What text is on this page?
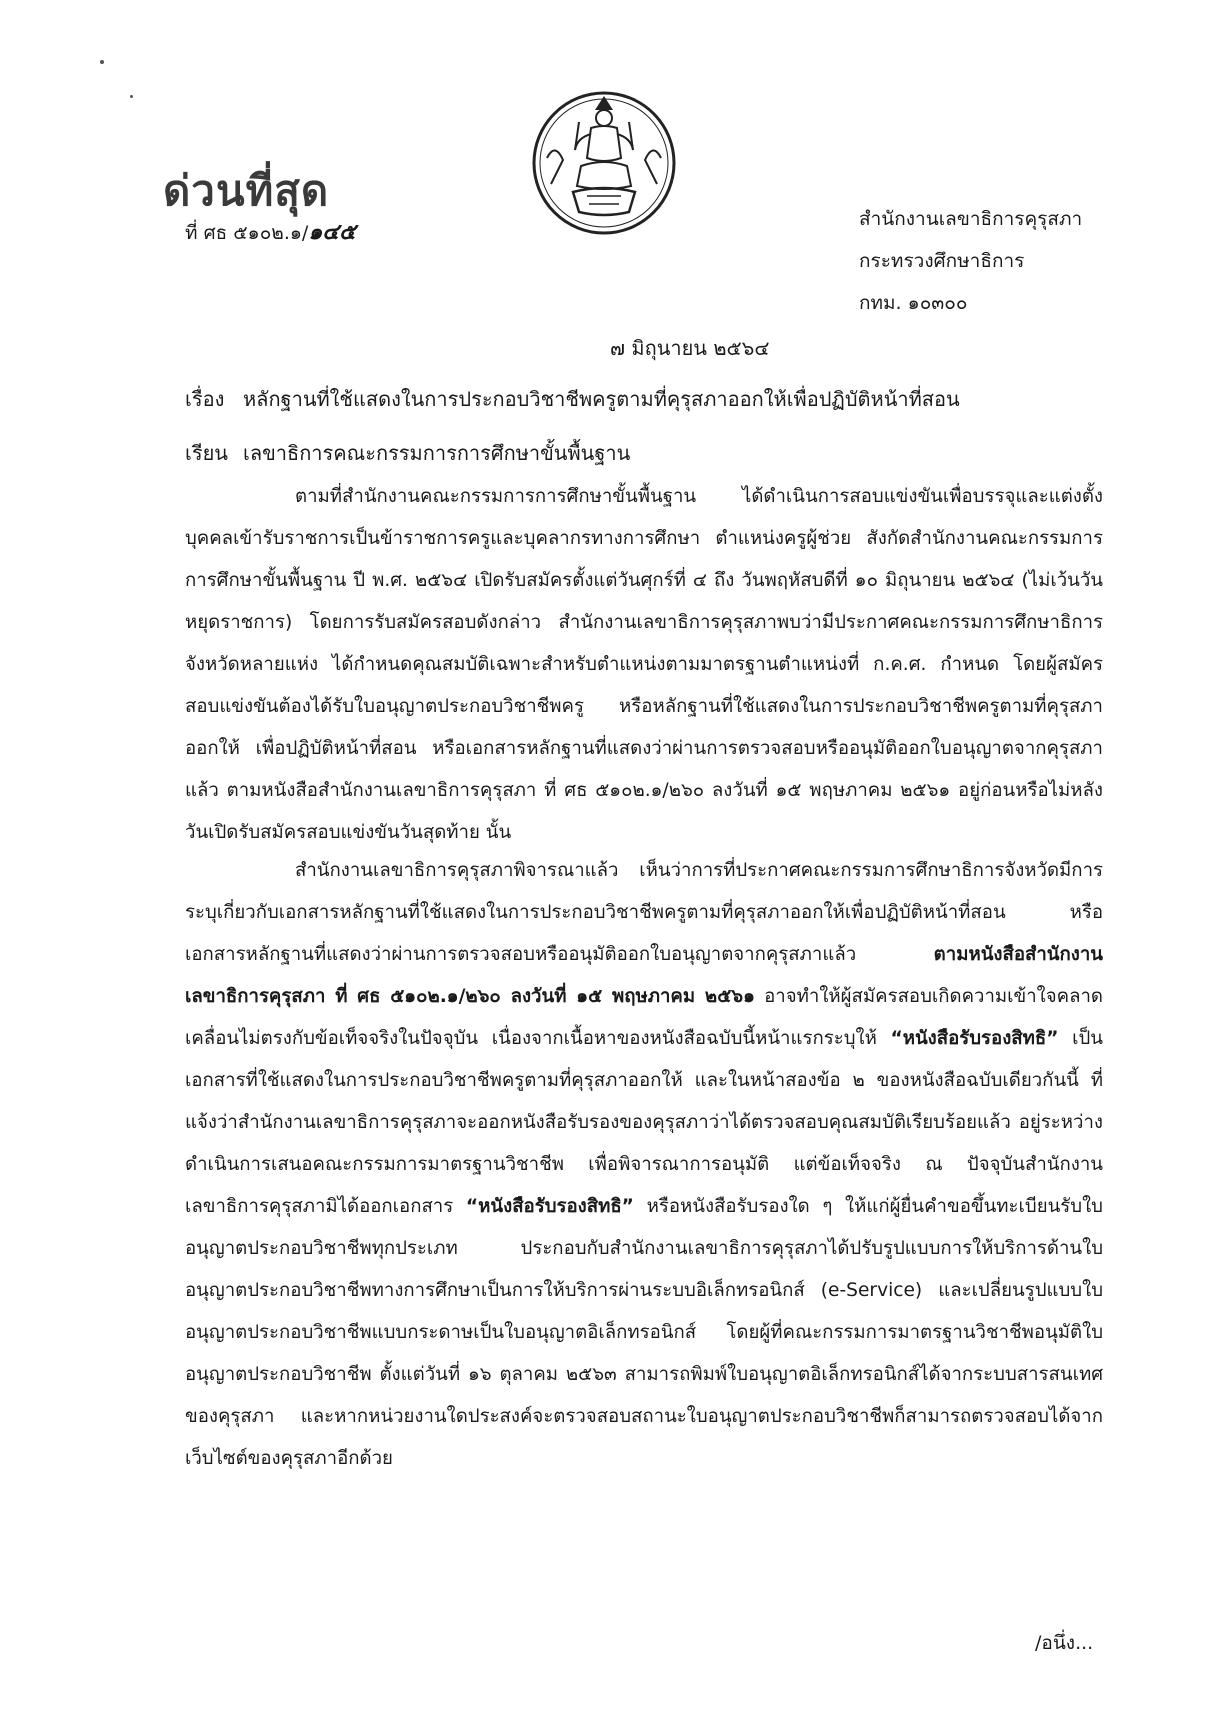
ด่วนที่สุด
ที่ ศธ ๕๑๐๒.๑/๑๔๕	สำนักงานเลขาธิการคุรุสภา
กระทรวงศึกษาธิการ
กทม. ๑๐๓๐๐
๗ มิถุนายน ๒๕๖๔
เรื่อง หลักฐานที่ใช้แสดงในการประกอบวิชาชีพครูตามที่คุรุสภาออกให้เพื่อปฏิบัติหน้าที่สอน
เรียน เลขาธิการคณะกรรมการการศึกษาขั้นพื้นฐาน

ตามที่สำนักงานคณะกรรมการการศึกษาขั้นพื้นฐาน ได้ดำเนินการสอบแข่งขันเพื่อบรรจุและแต่งตั้งบุคคลเข้ารับราชการเป็นข้าราชการครูและบุคลากรทางการศึกษา ตำแหน่งครูผู้ช่วย สังกัดสำนักงานคณะกรรมการการศึกษาขั้นพื้นฐาน ปี พ.ศ. ๒๕๖๔ เปิดรับสมัครตั้งแต่วันศุกร์ที่ ๔ ถึง วันพฤหัสบดีที่ ๑๐ มิถุนายน ๒๕๖๔ (ไม่เว้นวันหยุดราชการ) โดยการรับสมัครสอบดังกล่าว สำนักงานเลขาธิการคุรุสภาพบว่ามีประกาศคณะกรรมการศึกษาธิการจังหวัดหลายแห่ง ได้กำหนดคุณสมบัติเฉพาะสำหรับตำแหน่งตามมาตรฐานตำแหน่งที่ ก.ค.ศ. กำหนด โดยผู้สมัครสอบแข่งขันต้องได้รับใบอนุญาตประกอบวิชาชีพครู หรือหลักฐานที่ใช้แสดงในการประกอบวิชาชีพครูตามที่คุรุสภาออกให้ เพื่อปฏิบัติหน้าที่สอน หรือเอกสารหลักฐานที่แสดงว่าผ่านการตรวจสอบหรืออนุมัติออกใบอนุญาตจากคุรุสภาแล้ว ตามหนังสือสำนักงานเลขาธิการคุรุสภา ที่ ศธ ๕๑๐๒.๑/๒๖๐ ลงวันที่ ๑๕ พฤษภาคม ๒๕๖๑ อยู่ก่อนหรือไม่หลังวันเปิดรับสมัครสอบแข่งขันวันสุดท้าย นั้น

สำนักงานเลขาธิการคุรุสภาพิจารณาแล้ว เห็นว่าการที่ประกาศคณะกรรมการศึกษาธิการจังหวัดมีการระบุเกี่ยวกับเอกสารหลักฐานที่ใช้แสดงในการประกอบวิชาชีพครูตามที่คุรุสภาออกให้เพื่อปฏิบัติหน้าที่สอน หรือเอกสารหลักฐานที่แสดงว่าผ่านการตรวจสอบหรืออนุมัติออกใบอนุญาตจากคุรุสภาแล้ว	ตามหนังสือสำนักงานเลขาธิการคุรุสภา ที่ ศธ ๕๑๐๒.๑/๒๖๐ ลงวันที่ ๑๕ พฤษภาคม ๒๕๖๑ อาจทำให้ผู้สมัครสอบเกิดความเข้าใจคลาดเคลื่อนไม่ตรงกับข้อเท็จจริงในปัจจุบัน เนื่องจากเนื้อหาของหนังสือฉบับนี้หน้าแรกระบุให้ “หนังสือรับรองสิทธิ” เป็นเอกสารที่ใช้แสดงในการประกอบวิชาชีพครูตามที่คุรุสภาออกให้ และในหน้าสองข้อ ๒ ของหนังสือฉบับเดียวกันนี้ ที่แจ้งว่าสำนักงานเลขาธิการคุรุสภาจะออกหนังสือรับรองของคุรุสภาว่าได้ตรวจสอบคุณสมบัติเรียบร้อยแล้ว อยู่ระหว่างดำเนินการเสนอคณะกรรมการมาตรฐานวิชาชีพ เพื่อพิจารณาการอนุมัติ แต่ข้อเท็จจริง ณ ปัจจุบันสำนักงานเลขาธิการคุรุสภามิได้ออกเอกสาร “หนังสือรับรองสิทธิ” หรือหนังสือรับรองใด ๆ ให้แก่ผู้ยื่นคำขอขึ้นทะเบียนรับใบอนุญาตประกอบวิชาชีพทุกประเภท ประกอบกับสำนักงานเลขาธิการคุรุสภาได้ปรับรูปแบบการให้บริการด้านใบอนุญาตประกอบวิชาชีพทางการศึกษาเป็นการให้บริการผ่านระบบอิเล็กทรอนิกส์ (e-Service) และเปลี่ยนรูปแบบใบอนุญาตประกอบวิชาชีพแบบกระดาษเป็นใบอนุญาตอิเล็กทรอนิกส์ โดยผู้ที่คณะกรรมการมาตรฐานวิชาชีพอนุมัติใบอนุญาตประกอบวิชาชีพ ตั้งแต่วันที่ ๑๖ ตุลาคม ๒๕๖๓ สามารถพิมพ์ใบอนุญาตอิเล็กทรอนิกส์ได้จากระบบสารสนเทศของคุรุสภา และหากหน่วยงานใดประสงค์จะตรวจสอบสถานะใบอนุญาตประกอบวิชาชีพก็สามารถตรวจสอบได้จากเว็บไซต์ของคุรุสภาอีกด้วย

/อนึ่ง...
